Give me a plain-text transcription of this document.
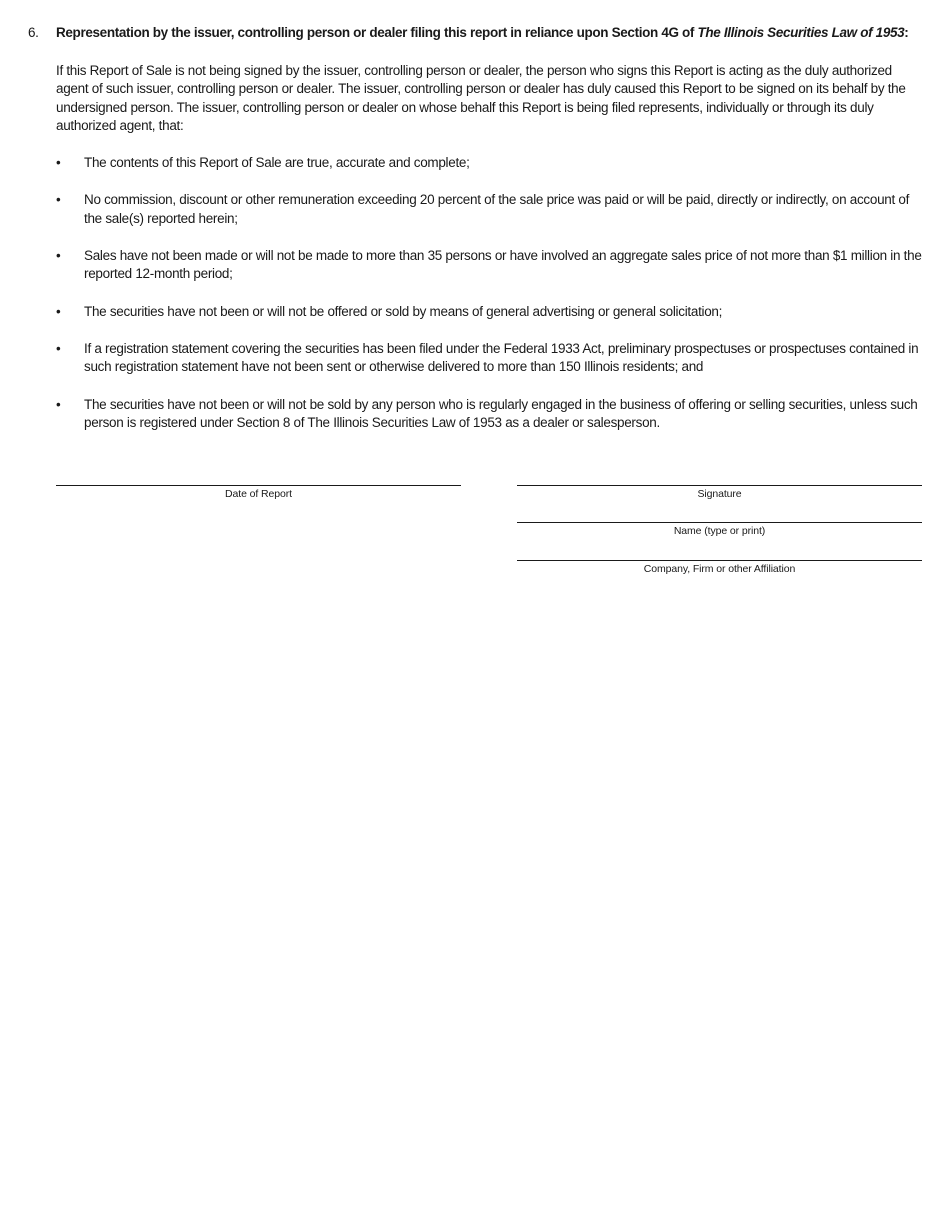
6. Representation by the issuer, controlling person or dealer filing this report in reliance upon Section 4G of The Illinois Securities Law of 1953:

If this Report of Sale is not being signed by the issuer, controlling person or dealer, the person who signs this Report is acting as the duly authorized agent of such issuer, controlling person or dealer. The issuer, controlling person or dealer has duly caused this Report to be signed on its behalf by the undersigned person. The issuer, controlling person or dealer on whose behalf this Report is being filed represents, individually or through its duly authorized agent, that:

• The contents of this Report of Sale are true, accurate and complete;
• No commission, discount or other remuneration exceeding 20 percent of the sale price was paid or will be paid, directly or indirectly, on account of the sale(s) reported herein;
• Sales have not been made or will not be made to more than 35 persons or have involved an aggregate sales price of not more than $1 million in the reported 12-month period;
• The securities have not been or will not be offered or sold by means of general advertising or general solicitation;
• If a registration statement covering the securities has been filed under the Federal 1933 Act, preliminary prospectuses or prospectuses contained in such registration statement have not been sent or otherwise delivered to more than 150 Illinois residents; and
• The securities have not been or will not be sold by any person who is regularly engaged in the business of offering or selling securities, unless such person is registered under Section 8 of The Illinois Securities Law of 1953 as a dealer or salesperson.
Date of Report	Signature
Name (type or print)
Company, Firm or other Affiliation
